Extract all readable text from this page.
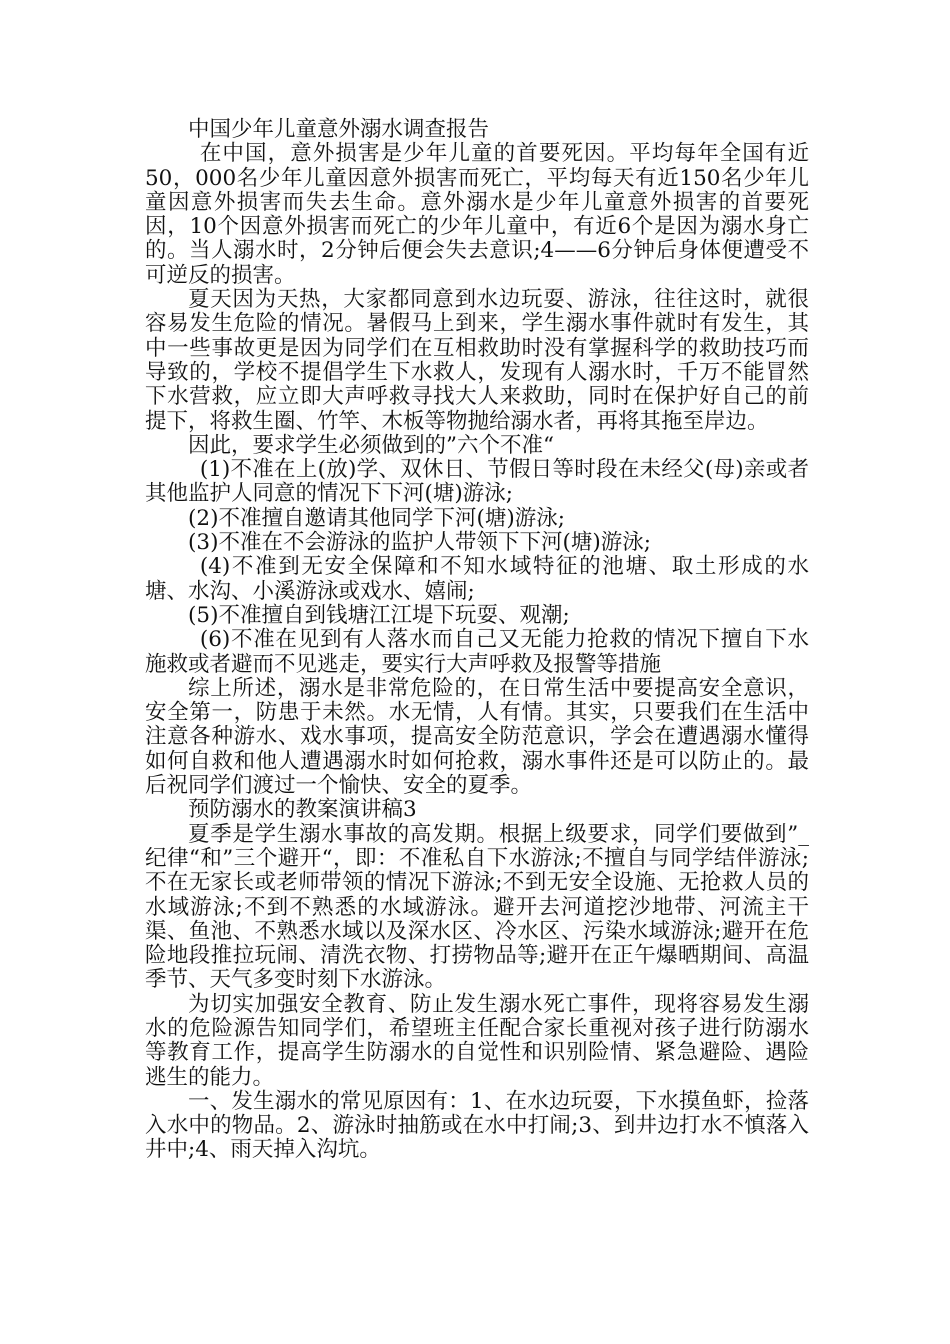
中国少年儿童意外溺水调查报告

在中国，意外损害是少年儿童的首要死因。平均每年全国有近50，000名少年儿童因意外损害而死亡，平均每天有近150名少年儿童因意外损害而失去生命。意外溺水是少年儿童意外损害的首要死因，10个因意外损害而死亡的少年儿童中，有近6个是因为溺水身亡的。当人溺水时，2分钟后便会失去意识;4——6分钟后身体便遭受不可逆反的损害。

夏天因为天热，大家都同意到水边玩耍、游泳，往往这时，就很容易发生危险的情况。暑假马上到来，学生溺水事件就时有发生，其中一些事故更是因为同学们在互相救助时没有掌握科学的救助技巧而导致的，学校不提倡学生下水救人，发现有人溺水时，千万不能冒然下水营救，应立即大声呼救寻找大人来救助，同时在保护好自己的前提下，将救生圈、竹竿、木板等物抛给溺水者，再将其拖至岸边。

因此，要求学生必须做到的”六个不准“

(1)不准在上(放)学、双休日、节假日等时段在未经父(母)亲或者其他监护人同意的情况下下河(塘)游泳;

(2)不准擅自邀请其他同学下河(塘)游泳;

(3)不准在不会游泳的监护人带领下下河(塘)游泳;

(4)不准到无安全保障和不知水域特征的池塘、取土形成的水塘、水沟、小溪游泳或戏水、嬉闹;

(5)不准擅自到钱塘江江堤下玩耍、观潮;

(6)不准在见到有人落水而自己又无能力抢救的情况下擅自下水施救或者避而不见逃走，要实行大声呼救及报警等措施

综上所述，溺水是非常危险的，在日常生活中要提高安全意识，安全第一，防患于未然。水无情，人有情。其实，只要我们在生活中注意各种游水、戏水事项，提高安全防范意识，学会在遭遇溺水懂得如何自救和他人遭遇溺水时如何抢救，溺水事件还是可以防止的。最后祝同学们渡过一个愉快、安全的夏季。

预防溺水的教案演讲稿3

夏季是学生溺水事故的高发期。根据上级要求，同学们要做到”_纪律“和”三个避开“，即：不准私自下水游泳;不擅自与同学结伴游泳;不在无家长或老师带领的情况下游泳;不到无安全设施、无抢救人员的水域游泳;不到不熟悉的水域游泳。避开去河道挖沙地带、河流主干渠、鱼池、不熟悉水域以及深水区、冷水区、污染水域游泳;避开在危险地段推拉玩闹、清洗衣物、打捞物品等;避开在正午爆晒期间、高温季节、天气多变时刻下水游泳。

为切实加强安全教育、防止发生溺水死亡事件，现将容易发生溺水的危险源告知同学们，希望班主任配合家长重视对孩子进行防溺水等教育工作，提高学生防溺水的自觉性和识别险情、紧急避险、遇险逃生的能力。

一、发生溺水的常见原因有：1、在水边玩耍，下水摸鱼虾，捡落入水中的物品。2、游泳时抽筋或在水中打闹;3、到井边打水不慎落入井中;4、雨天掉入沟坑。
